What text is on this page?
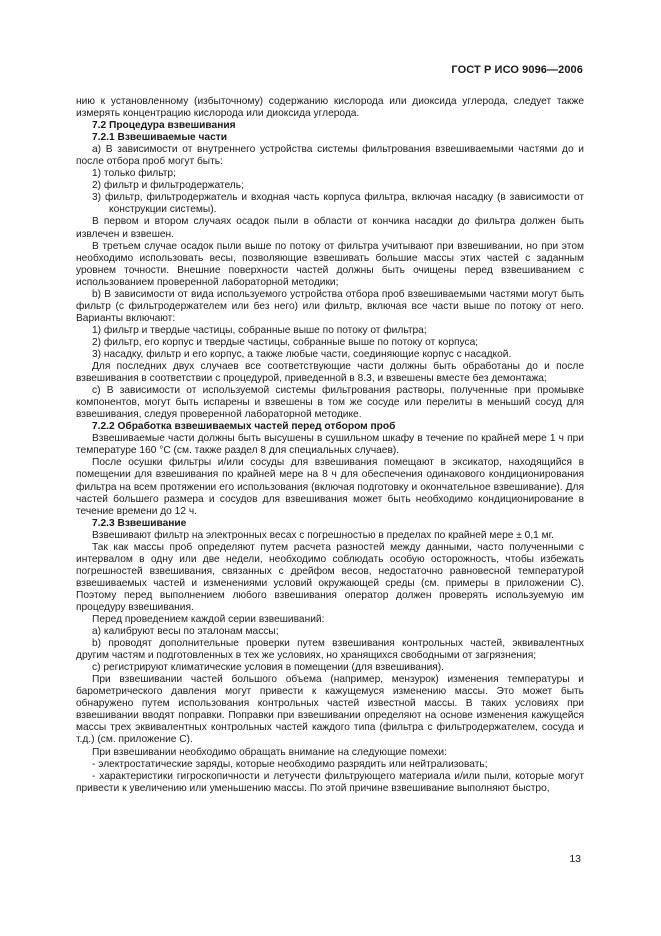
ГОСТ Р ИСО 9096—2006

нию к установленному (избыточному) содержанию кислорода или диоксида углерода, следует также измерять концентрацию кислорода или диоксида углерода.

7.2 Процедура взвешивания
7.2.1 Взвешиваемые части

а) В зависимости от внутреннего устройства системы фильтрования взвешиваемыми частями до и после отбора проб могут быть:

1) только фильтр;

2) фильтр и фильтродержатель;

3) фильтр, фильтродержатель и входная часть корпуса фильтра, включая насадку (в зависимости от конструкции системы).

В первом и втором случаях осадок пыли в области от кончика насадки до фильтра должен быть извлечен и взвешен.

В третьем случае осадок пыли выше по потоку от фильтра учитывают при взвешивании, но при этом необходимо использовать весы, позволяющие взвешивать большие массы этих частей с заданным уровнем точности. Внешние поверхности частей должны быть очищены перед взвешиванием с использованием проверенной лабораторной методики;

b) В зависимости от вида используемого устройства отбора проб взвешиваемыми частями могут быть фильтр (с фильтродержателем или без него) или фильтр, включая все части выше по потоку от него. Варианты включают:

1) фильтр и твердые частицы, собранные выше по потоку от фильтра;

2) фильтр, его корпус и твердые частицы, собранные выше по потоку от корпуса;

3) насадку, фильтр и его корпус, а также любые части, соединяющие корпус с насадкой.

Для последних двух случаев все соответствующие части должны быть обработаны до и после взвешивания в соответствии с процедурой, приведенной в 8.3, и взвешены вместе без демонтажа;

c) В зависимости от используемой системы фильтрования растворы, полученные при промывке компонентов, могут быть испарены и взвешены в том же сосуде или перелиты в меньший сосуд для взвешивания, следуя проверенной лабораторной методике.

7.2.2 Обработка взвешиваемых частей перед отбором проб

Взвешиваемые части должны быть высушены в сушильном шкафу в течение по крайней мере 1 ч при температуре 160 °С (см. также раздел 8 для специальных случаев).

После осушки фильтры и/или сосуды для взвешивания помещают в эксикатор, находящийся в помещении для взвешивания по крайней мере на 8 ч для обеспечения одинакового кондиционирования фильтра на всем протяжении его использования (включая подготовку и окончательное взвешивание). Для частей большего размера и сосудов для взвешивания может быть необходимо кондиционирование в течение времени до 12 ч.

7.2.3 Взвешивание

Взвешивают фильтр на электронных весах с погрешностью в пределах по крайней мере ± 0,1 мг.

Так как массы проб определяют путем расчета разностей между данными, часто полученными с интервалом в одну или две недели, необходимо соблюдать особую осторожность, чтобы избежать погрешностей взвешивания, связанных с дрейфом весов, недостаточно равновесной температурой взвешиваемых частей и изменениями условий окружающей среды (см. примеры в приложении С). Поэтому перед выполнением любого взвешивания оператор должен проверять используемую им процедуру взвешивания.

Перед проведением каждой серии взвешиваний:

а) калибруют весы по эталонам массы;

b) проводят дополнительные проверки путем взвешивания контрольных частей, эквивалентных другим частям и подготовленных в тех же условиях, но хранящихся свободными от загрязнения;

c) регистрируют климатические условия в помещении (для взвешивания).

При взвешивании частей большого объема (например, мензурок) изменения температуры и барометрического давления могут привести к кажущемуся изменению массы. Это может быть обнаружено путем использования контрольных частей известной массы. В таких условиях при взвешивании вводят поправки. Поправки при взвешивании определяют на основе изменения кажущейся массы трех эквивалентных контрольных частей каждого типа (фильтра с фильтродержателем, сосуда и т.д.) (см. приложение С).

При взвешивании необходимо обращать внимание на следующие помехи:

- электростатические заряды, которые необходимо разрядить или нейтрализовать;

- характеристики гигроскопичности и летучести фильтрующего материала и/или пыли, которые могут привести к увеличению или уменьшению массы. По этой причине взвешивание выполняют быстро,

13
